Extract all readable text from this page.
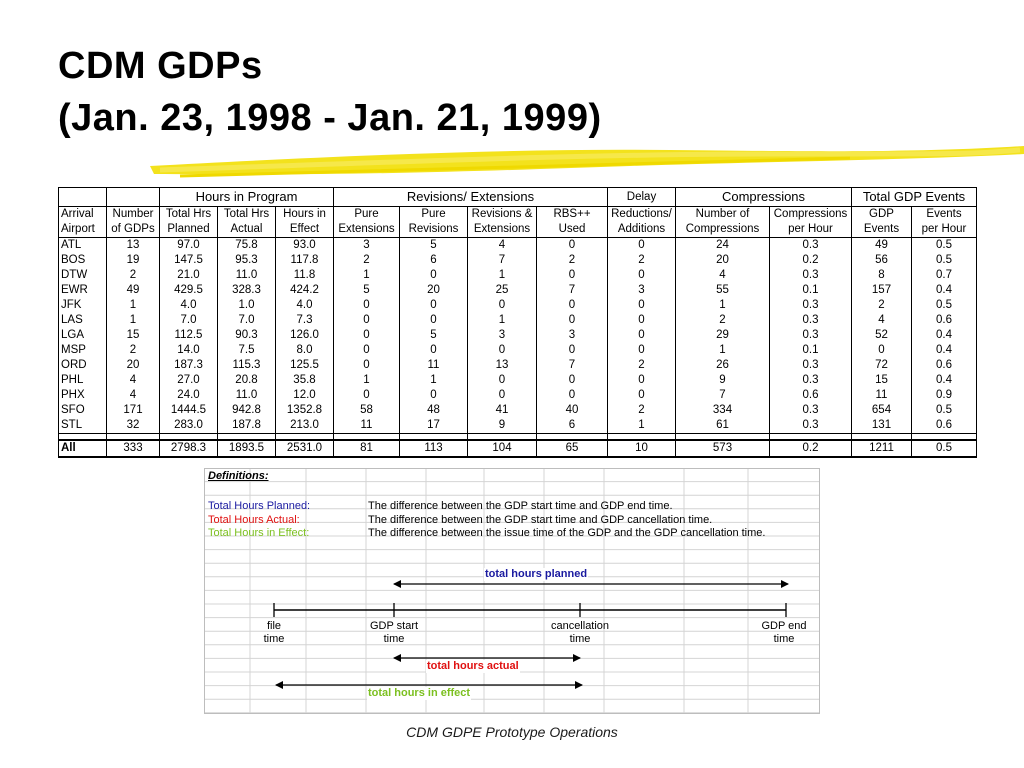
CDM GDPs
(Jan. 23, 1998 - Jan. 21, 1999)
		Hours in Program			Revisions/ Extensions				Delay	Compressions		Total GDP Events	
Arrival	Number	Total Hrs	Total Hrs	Hours in	Pure	Pure	Revisions &	RBS++	Reductions/	Number of	Compressions	GDP	Events
Airport	of GDPs	Planned	Actual	Effect	Extensions	Revisions	Extensions	Used	Additions	Compressions	per Hour	Events	per Hour
ATL	13	97.0	75.8	93.0	3	5	4	0	0	24	0.3	49	0.5
BOS	19	147.5	95.3	117.8	2	6	7	2	2	20	0.2	56	0.5
DTW	2	21.0	11.0	11.8	1	0	1	0	0	4	0.3	8	0.7
EWR	49	429.5	328.3	424.2	5	20	25	7	3	55	0.1	157	0.4
JFK	1	4.0	1.0	4.0	0	0	0	0	0	1	0.3	2	0.5
LAS	1	7.0	7.0	7.3	0	0	1	0	0	2	0.3	4	0.6
LGA	15	112.5	90.3	126.0	0	5	3	3	0	29	0.3	52	0.4
MSP	2	14.0	7.5	8.0	0	0	0	0	0	1	0.1	0	0.4
ORD	20	187.3	115.3	125.5	0	11	13	7	2	26	0.3	72	0.6
PHL	4	27.0	20.8	35.8	1	1	0	0	0	9	0.3	15	0.4
PHX	4	24.0	11.0	12.0	0	0	0	0	0	7	0.6	11	0.9
SFO	171	1444.5	942.8	1352.8	58	48	41	40	2	334	0.3	654	0.5
STL	32	283.0	187.8	213.0	11	17	9	6	1	61	0.3	131	0.6

All	333	2798.3	1893.5	2531.0	81	113	104	65	10	573	0.2	1211	0.5
Definitions:
Total Hours Planned:	The difference between the GDP start time and GDP end time.
Total Hours Actual:	The difference between the GDP start time and GDP cancellation time.
Total Hours in Effect:	The difference between the issue time of the GDP and the GDP cancellation time.
total hours planned
total hours actual
total hours in effect
file
time
GDP start
time
cancellation
time
GDP end
time
CDM GDPE Prototype Operations
